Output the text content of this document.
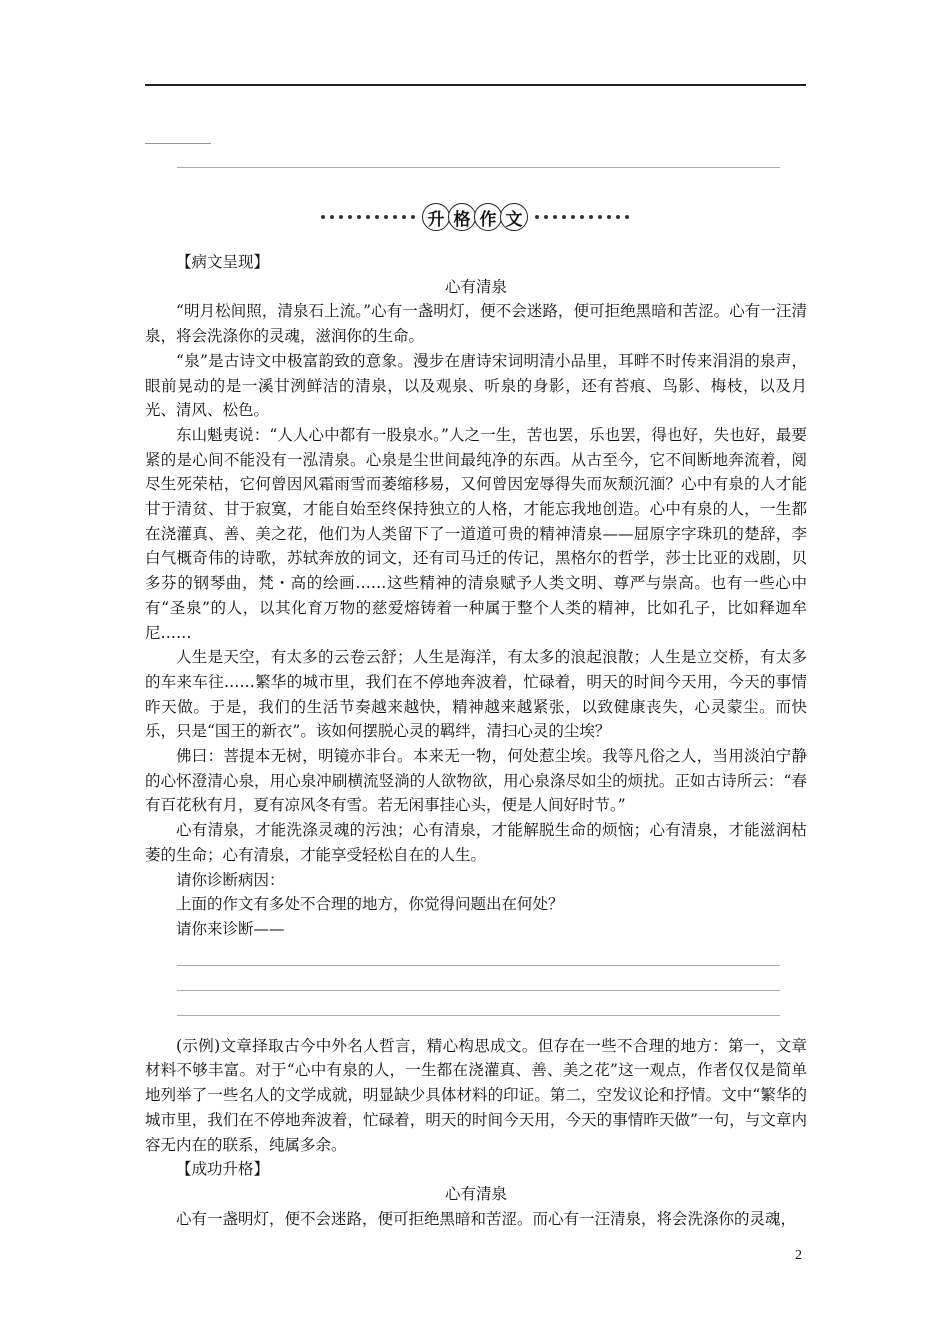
升 格 作 文

【病文呈现】

心有清泉

“明月松间照，清泉石上流。”心有一盏明灯，便不会迷路，便可拒绝黑暗和苦涩。心有一汪清泉，将会洗涤你的灵魂，滋润你的生命。

“泉”是古诗文中极富韵致的意象。漫步在唐诗宋词明清小品里，耳畔不时传来涓涓的泉声，眼前晃动的是一溪甘洌鲜洁的清泉，以及观泉、听泉的身影，还有苔痕、鸟影、梅枝，以及月光、清风、松色。

东山魁夷说：“人人心中都有一股泉水。”人之一生，苦也罢，乐也罢，得也好，失也好，最要紧的是心间不能没有一泓清泉。心泉是尘世间最纯净的东西。从古至今，它不间断地奔流着，阅尽生死荣枯，它何曾因风霜雨雪而萎缩移易，又何曾因宠辱得失而灰颓沉湎？心中有泉的人才能甘于清贫、甘于寂寞，才能自始至终保持独立的人格，才能忘我地创造。心中有泉的人，一生都在浇灌真、善、美之花，他们为人类留下了一道道可贵的精神清泉——屈原字字珠玑的楚辞，李白气概奇伟的诗歌，苏轼奔放的词文，还有司马迁的传记，黑格尔的哲学，莎士比亚的戏剧，贝多芬的钢琴曲，梵・高的绘画……这些精神的清泉赋予人类文明、尊严与崇高。也有一些心中有“圣泉”的人，以其化育万物的慈爱熔铸着一种属于整个人类的精神，比如孔子，比如释迦牟尼……

人生是天空，有太多的云卷云舒；人生是海洋，有太多的浪起浪散；人生是立交桥，有太多的车来车往……繁华的城市里，我们在不停地奔波着，忙碌着，明天的时间今天用，今天的事情昨天做。于是，我们的生活节奏越来越快，精神越来越紧张，以致健康丧失，心灵蒙尘。而快乐，只是“国王的新衣”。该如何摆脱心灵的羁绊，清扫心灵的尘埃？

佛曰：菩提本无树，明镜亦非台。本来无一物，何处惹尘埃。我等凡俗之人，当用淡泊宁静的心怀澄清心泉，用心泉冲刷横流竖淌的人欲物欲，用心泉涤尽如尘的烦扰。正如古诗所云：“春有百花秋有月，夏有凉风冬有雪。若无闲事挂心头，便是人间好时节。”

心有清泉，才能洗涤灵魂的污浊；心有清泉，才能解脱生命的烦恼；心有清泉，才能滋润枯萎的生命；心有清泉，才能享受轻松自在的人生。

请你诊断病因：

上面的作文有多处不合理的地方，你觉得问题出在何处？

请你来诊断——

(示例)文章择取古今中外名人哲言，精心构思成文。但存在一些不合理的地方：第一，文章材料不够丰富。对于“心中有泉的人，一生都在浇灌真、善、美之花”这一观点，作者仅仅是简单地列举了一些名人的文学成就，明显缺少具体材料的印证。第二，空发议论和抒情。文中“繁华的城市里，我们在不停地奔波着，忙碌着，明天的时间今天用，今天的事情昨天做”一句，与文章内容无内在的联系，纯属多余。

【成功升格】

心有清泉

心有一盏明灯，便不会迷路，便可拒绝黑暗和苦涩。而心有一汪清泉，将会洗涤你的灵魂，

2
